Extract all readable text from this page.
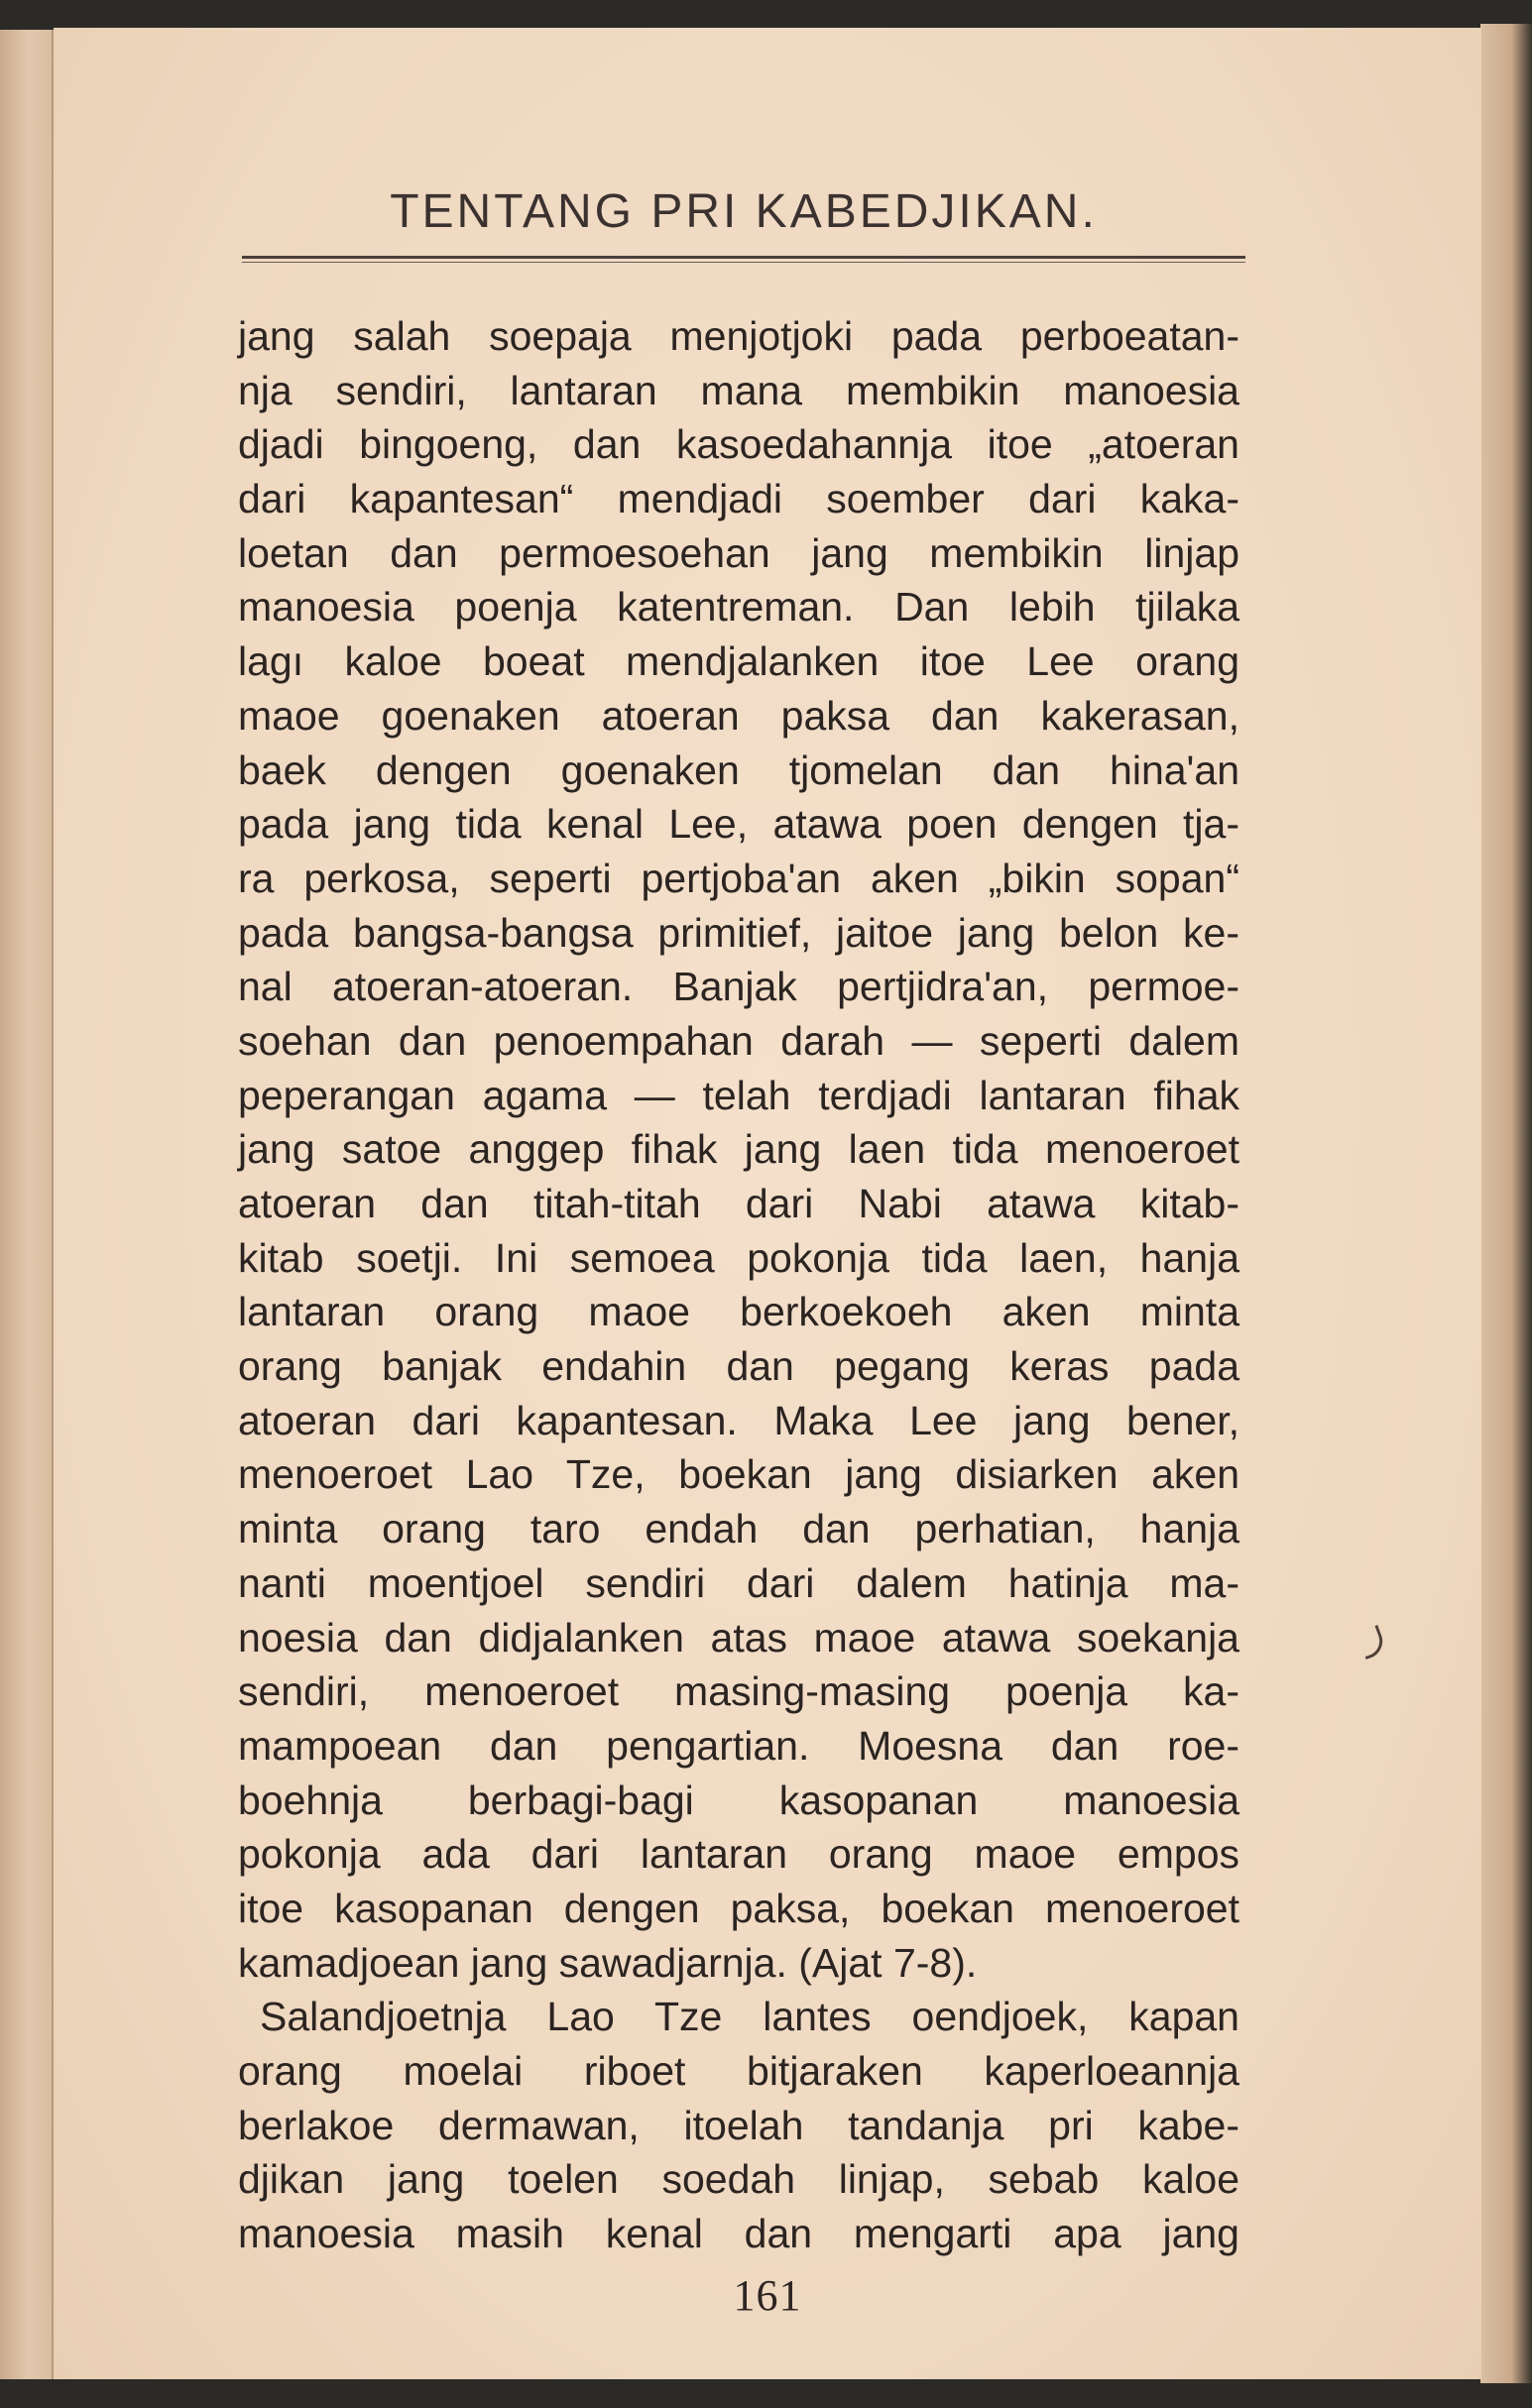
TENTANG PRI KABEDJIKAN.
jang salah soepaja menjotjoki pada perboeatan-
nja sendiri, lantaran mana membikin manoesia
djadi bingoeng, dan kasoedahannja itoe „atoeran
dari kapantesan“ mendjadi soember dari kaka-
loetan dan permoesoehan jang membikin linjap
manoesia poenja katentreman. Dan lebih tjilaka
lagı kaloe boeat mendjalanken itoe Lee orang
maoe goenaken atoeran paksa dan kakerasan,
baek dengen goenaken tjomelan dan hina'an
pada jang tida kenal Lee, atawa poen dengen tja-
ra perkosa, seperti pertjoba'an aken „bikin sopan“
pada bangsa-bangsa primitief, jaitoe jang belon ke-
nal atoeran-atoeran. Banjak pertjidra'an, permoe-
soehan dan penoempahan darah — seperti dalem
peperangan agama — telah terdjadi lantaran fihak
jang satoe anggep fihak jang laen tida menoeroet
atoeran dan titah-titah dari Nabi atawa kitab-
kitab soetji. Ini semoea pokonja tida laen, hanja
lantaran orang maoe berkoekoeh aken minta
orang banjak endahin dan pegang keras pada
atoeran dari kapantesan. Maka Lee jang bener,
menoeroet Lao Tze, boekan jang disiarken aken
minta orang taro endah dan perhatian, hanja
nanti moentjoel sendiri dari dalem hatinja ma-
noesia dan didjalanken atas maoe atawa soekanja
sendiri, menoeroet masing-masing poenja ka-
mampoean dan pengartian. Moesna dan roe-
boehnja berbagi-bagi kasopanan manoesia
pokonja ada dari lantaran orang maoe empos
itoe kasopanan dengen paksa, boekan menoeroet
kamadjoean jang sawadjarnja. (Ajat 7-8).
Salandjoetnja Lao Tze lantes oendjoek, kapan
orang moelai riboet bitjaraken kaperloeannja
berlakoe dermawan, itoelah tandanja pri kabe-
djikan jang toelen soedah linjap, sebab kaloe
manoesia masih kenal dan mengarti apa jang
161
